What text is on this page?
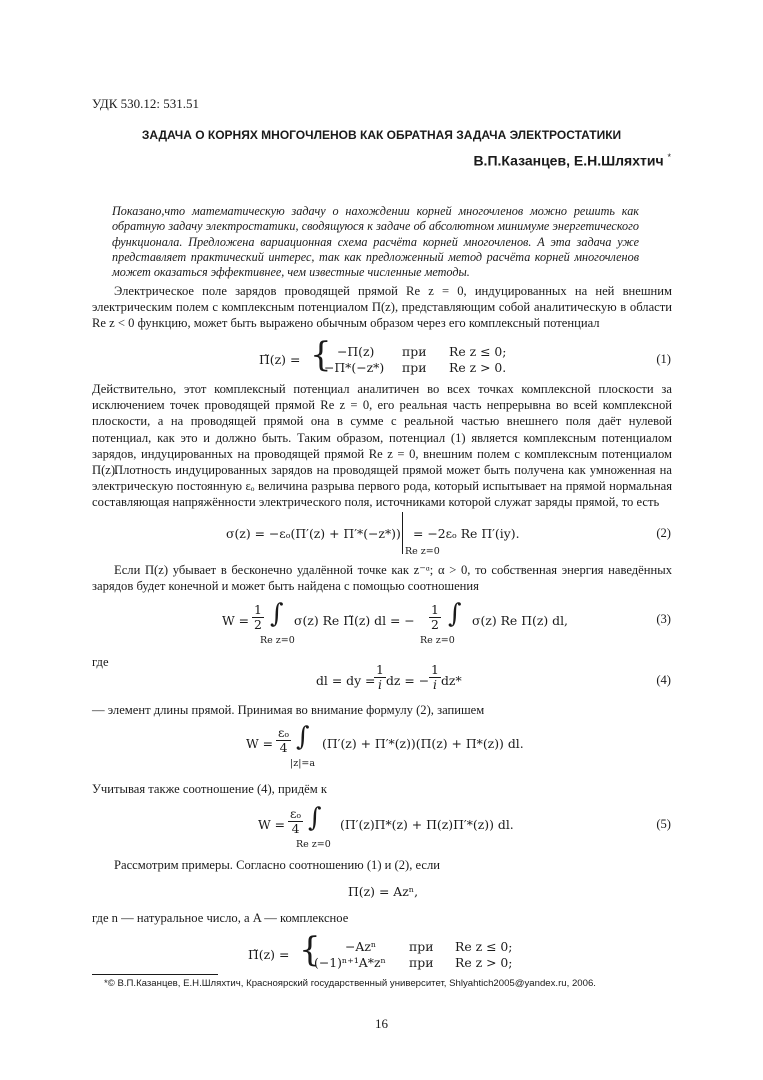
УДК 530.12: 531.51
ЗАДАЧА О КОРНЯХ МНОГОЧЛЕНОВ КАК ОБРАТНАЯ ЗАДАЧА ЭЛЕКТРОСТАТИКИ
В.П.Казанцев, Е.Н.Шляхтич *
Показано,что математическую задачу о нахождении корней многочленов можно решить как обратную задачу электростатики, сводящуюся к задаче об абсолютном минимуме энергетического функционала. Предложена вариационная схема расчёта корней многочленов. А эта задача уже представляет практический интерес, так как предложенный метод расчёта корней многочленов может оказаться эффективнее, чем известные численные методы.
Электрическое поле зарядов проводящей прямой Re z = 0, индуцированных на ней внешним электрическим полем с комплексным потенциалом Π(z), представляющим собой аналитическую в области Re z < 0 функцию, может быть выражено обычным образом через его комплексный потенциал
Π̃(z) = { −Π(z) при Re z ≤ 0;
−Π*(−z*) при Re z > 0.
(1)
Действительно, этот комплексный потенциал аналитичен во всех точках комплексной плоскости за исключением точек проводящей прямой Re z = 0, его реальная часть непрерывна во всей комплексной плоскости, а на проводящей прямой она в сумме с реальной частью внешнего поля даёт нулевой потенциал, как это и должно быть. Таким образом, потенциал (1) является комплексным потенциалом зарядов, индуцированных на проводящей прямой Re z = 0, внешним полем с комплексным потенциалом Π(z).
Плотность индуцированных зарядов на проводящей прямой может быть получена как умноженная на электрическую постоянную εₒ величина разрыва первого рода, который испытывает на прямой нормальная составляющая напряжённости электрического поля, источниками которой служат заряды прямой, то есть
σ(z) = −εₒ(Π′(z) + Π′*(−z*))
Re z=0
= −2εₒ Re Π′(iy).	(2)
Если Π(z) убывает в бесконечно удалённой точке как z⁻ᵅ; α > 0, то собственная энергия наведённых зарядов будет конечной и может быть найдена с помощью соотношения
$W = \frac{1}{2}$ ∫ σ(z) Re Π̃(z) dl = − $\frac{1}{2}$ ∫ σ(z) Re Π(z) dl,
Re z=0	Re z=0
(3)
где
dl = dy =
$\frac{1}{i}$ dz = − $\frac{1}{i} dz*$	(4)
— элемент длины прямой. Принимая во внимание формулу (2), запишем
$W = \frac{\text{εₒ}}{4}$ ∫ (Π′(z) + Π′*(z))(Π(z) + Π*(z)) dl.
|z|=a
Учитывая также соотношение (4), придём к
$W = \frac{\text{εₒ}}{4}$ ∫ (Π′(z)Π*(z) + Π(z)Π′*(z)) dl.
Re z=0
(5)
Рассмотрим примеры. Согласно соотношению (1) и (2), если
Π(z) = Azⁿ,
где n — натуральное число, а A — комплексное
Π̃(z) = { −Azⁿ	при Re z ≤ 0;
(−1)ⁿ⁺¹A*zⁿ при Re z > 0;
*© В.П.Казанцев, Е.Н.Шляхтич, Красноярский государственный университет, Shlyahtich2005@yandex.ru, 2006.
16
